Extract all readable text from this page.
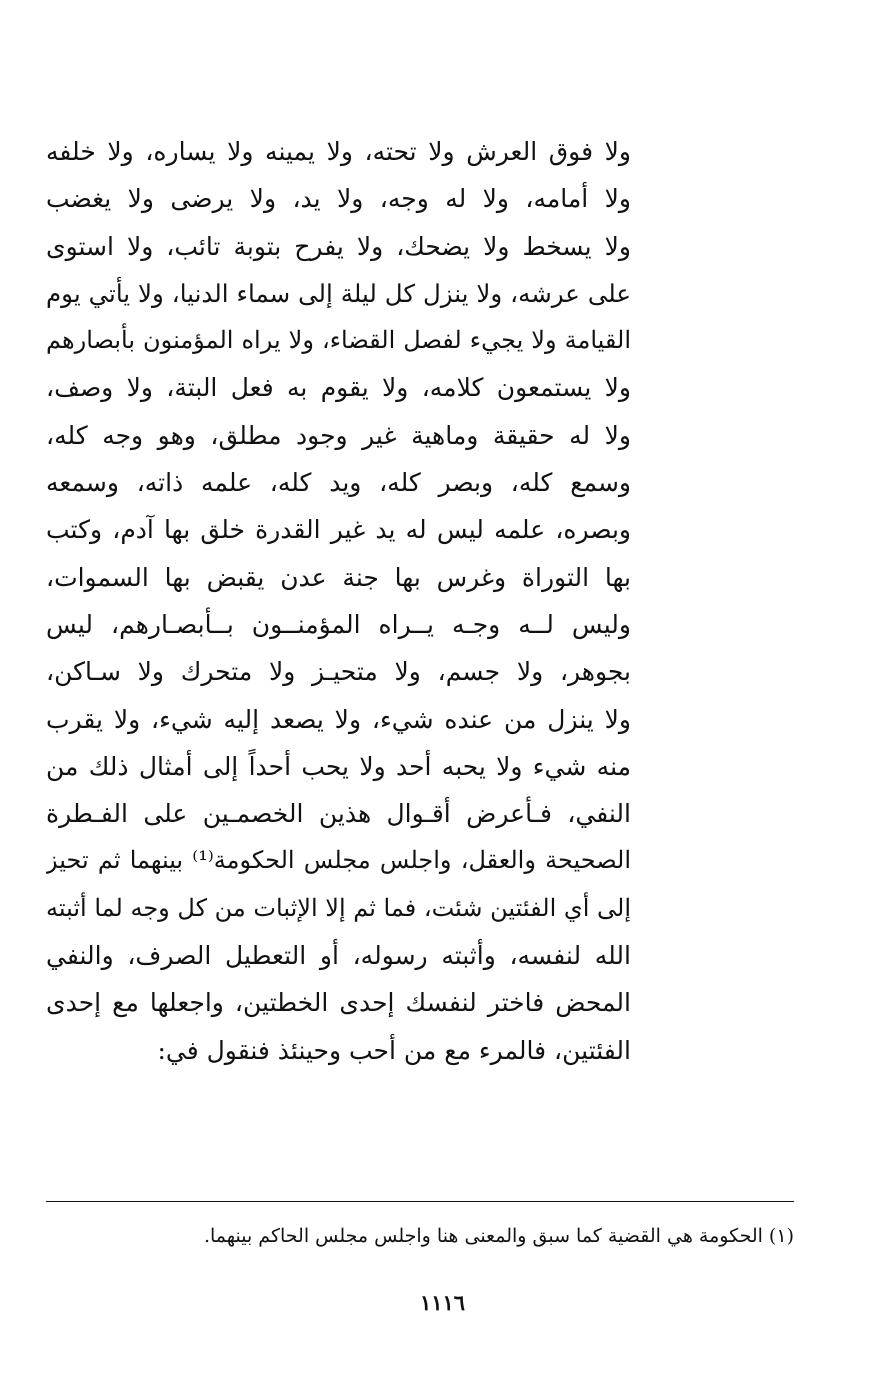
ولا فوق العرش ولا تحته، ولا يمينه ولا يساره، ولا خلفه
ولا أمامه، ولا له وجه، ولا يد، ولا يرضى ولا يغضب
ولا يسخط ولا يضحك، ولا يفرح بتوبة تائب، ولا استوى
على عرشه، ولا ينزل كل ليلة إلى سماء الدنيا، ولا يأتي يوم
القيامة ولا يجيء لفصل القضاء، ولا يراه المؤمنون بأبصارهم
ولا يستمعون كلامه، ولا يقوم به فعل البتة، ولا وصف،
ولا له حقيقة وماهية غير وجود مطلق، وهو وجه كله،
وسمع كله، وبصر كله، ويد كله، علمه ذاته، وسمعه
وبصره، علمه ليس له يد غير القدرة خلق بها آدم، وكتب
بها التوراة وغرس بها جنة عدن يقبض بها السموات،
وليس لــه وجـه يــراه المؤمنــون بــأبصـارهم، ليس
بجوهر، ولا جسم، ولا متحيـز ولا متحرك ولا سـاكن،
ولا ينزل من عنده شيء، ولا يصعد إليه شيء، ولا يقرب
منه شيء ولا يحبه أحد ولا يحب أحداً إلى أمثال ذلك من
النفي، فـأعرض أقـوال هذين الخصمـين على الفـطرة
الصحيحة والعقل، واجلس مجلس الحكومة⁽¹⁾ بينهما ثم تحيز
إلى أي الفئتين شئت، فما ثم إلا الإثبات من كل وجه لما أثبته
الله لنفسه، وأثبته رسوله، أو التعطيل الصرف، والنفي
المحض فاختر لنفسك إحدى الخطتين، واجعلها مع إحدى
الفئتين، فالمرء مع من أحب وحينئذ فنقول في:
(١) الحكومة هي القضية كما سبق والمعنى هنا واجلس مجلس الحاكم بينهما.
١١١٦
